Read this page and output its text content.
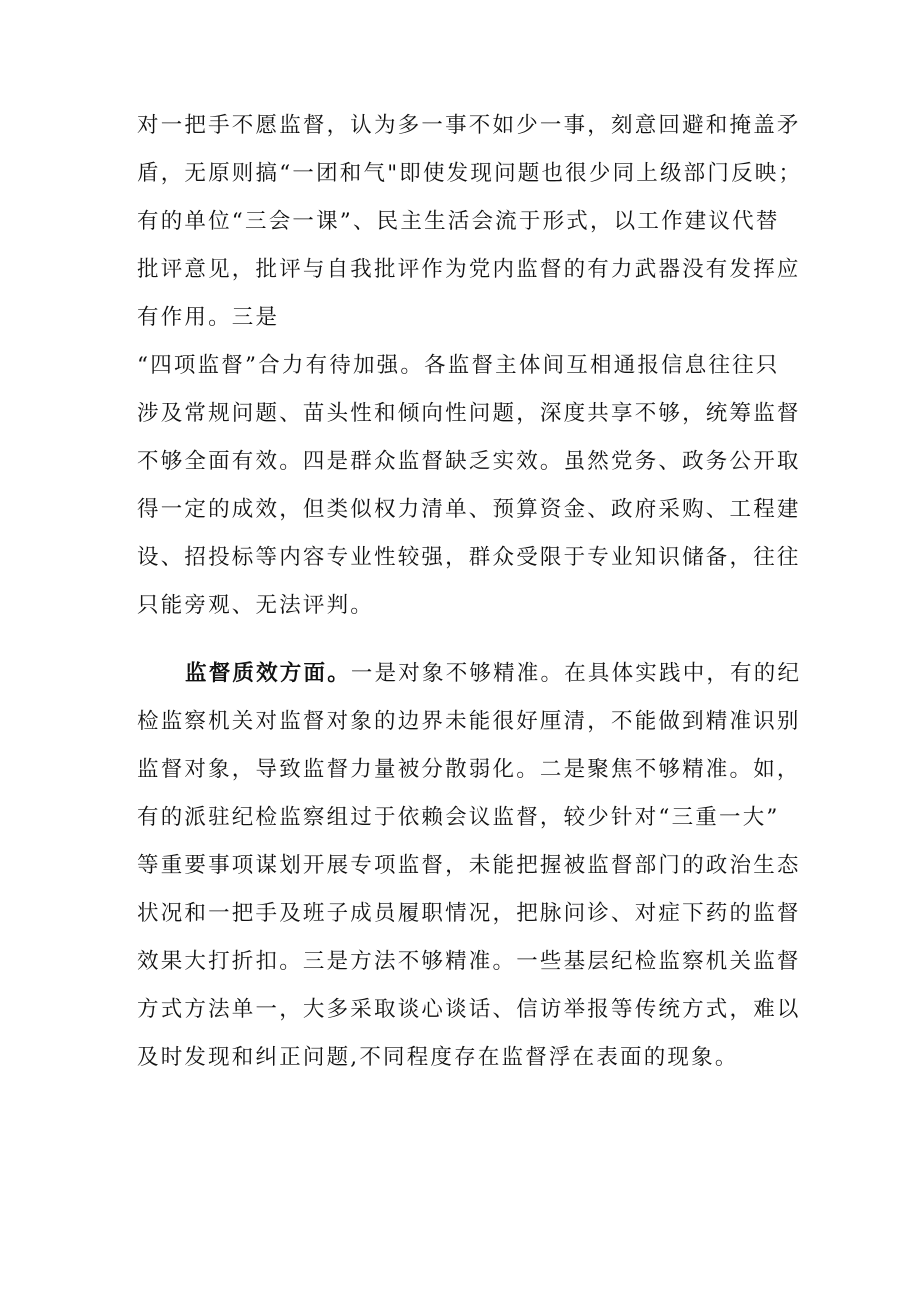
对一把手不愿监督，认为多一事不如少一事，刻意回避和掩盖矛
盾，无原则搞“一团和气"即使发现问题也很少同上级部门反映；
有的单位“三会一课”、民主生活会流于形式，以工作建议代替
批评意见，批评与自我批评作为党内监督的有力武器没有发挥应
有作用。三是
“四项监督”合力有待加强。各监督主体间互相通报信息往往只
涉及常规问题、苗头性和倾向性问题，深度共享不够，统筹监督
不够全面有效。四是群众监督缺乏实效。虽然党务、政务公开取
得一定的成效，但类似权力清单、预算资金、政府采购、工程建
设、招投标等内容专业性较强，群众受限于专业知识储备，往往
只能旁观、无法评判。
监督质效方面。一是对象不够精准。在具体实践中，有的纪
检监察机关对监督对象的边界未能很好厘清，不能做到精准识别
监督对象，导致监督力量被分散弱化。二是聚焦不够精准。如，
有的派驻纪检监察组过于依赖会议监督，较少针对“三重一大”
等重要事项谋划开展专项监督，未能把握被监督部门的政治生态
状况和一把手及班子成员履职情况，把脉问诊、对症下药的监督
效果大打折扣。三是方法不够精准。一些基层纪检监察机关监督
方式方法单一，大多采取谈心谈话、信访举报等传统方式，难以
及时发现和纠正问题,不同程度存在监督浮在表面的现象。
